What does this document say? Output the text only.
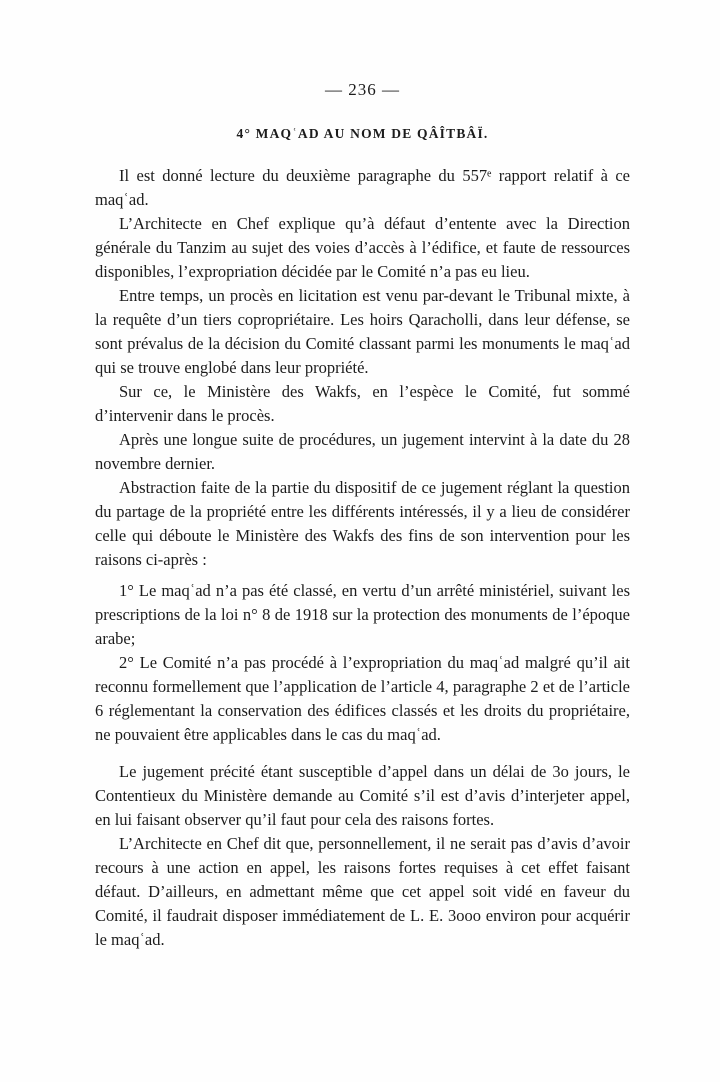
— 236 —
4° MAQʿAD AU NOM DE QÂÎTBÂÏ.

Il est donné lecture du deuxième paragraphe du 557ᵉ rapport relatif à ce maqʿad.

L’Architecte en Chef explique qu’à défaut d’entente avec la Direction générale du Tanzim au sujet des voies d’accès à l’édifice, et faute de ressources disponibles, l’expropriation décidée par le Comité n’a pas eu lieu.

Entre temps, un procès en licitation est venu par-devant le Tribunal mixte, à la requête d’un tiers copropriétaire. Les hoirs Qaracholli, dans leur défense, se sont prévalus de la décision du Comité classant parmi les monuments le maqʿad qui se trouve englobé dans leur propriété.

Sur ce, le Ministère des Wakfs, en l’espèce le Comité, fut sommé d’intervenir dans le procès.

Après une longue suite de procédures, un jugement intervint à la date du 28 novembre dernier.

Abstraction faite de la partie du dispositif de ce jugement réglant la question du partage de la propriété entre les différents intéressés, il y a lieu de considérer celle qui déboute le Ministère des Wakfs des fins de son intervention pour les raisons ci-après :

1° Le maqʿad n’a pas été classé, en vertu d’un arrêté ministériel, suivant les prescriptions de la loi n° 8 de 1918 sur la protection des monuments de l’époque arabe;

2° Le Comité n’a pas procédé à l’expropriation du maqʿad malgré qu’il ait reconnu formellement que l’application de l’article 4, paragraphe 2 et de l’article 6 réglementant la conservation des édifices classés et les droits du propriétaire, ne pouvaient être applicables dans le cas du maqʿad.

Le jugement précité étant susceptible d’appel dans un délai de 3o jours, le Contentieux du Ministère demande au Comité s’il est d’avis d’interjeter appel, en lui faisant observer qu’il faut pour cela des raisons fortes.

L’Architecte en Chef dit que, personnellement, il ne serait pas d’avis d’avoir recours à une action en appel, les raisons fortes requises à cet effet faisant défaut. D’ailleurs, en admettant même que cet appel soit vidé en faveur du Comité, il faudrait disposer immédiatement de L. E. 3ooo environ pour acquérir le maqʿad.
